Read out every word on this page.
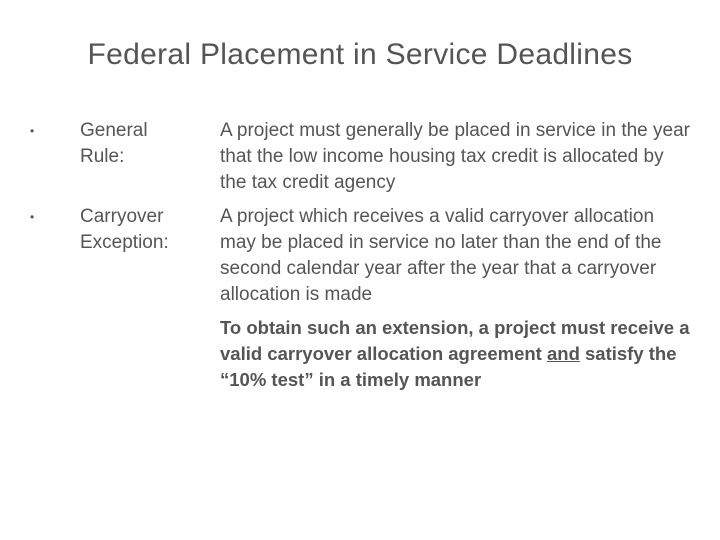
Federal Placement in Service Deadlines
• General
Rule:
A project must generally be placed in service in the year that the low income housing tax credit is allocated by the tax credit agency
• Carryover
Exception:
A project which receives a valid carryover allocation may be placed in service no later than the end of the second calendar year after the year that a carryover allocation is made
To obtain such an extension, a project must receive a valid carryover allocation agreement and satisfy the “10% test” in a timely manner
